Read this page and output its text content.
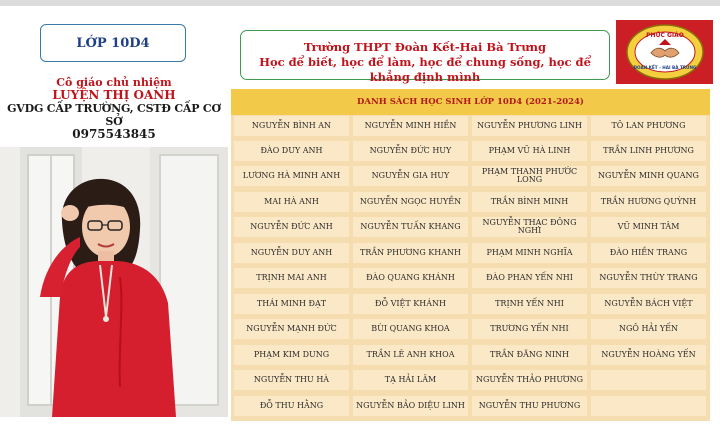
LỚP 10D4
Cô giáo chủ nhiệm
LUYỆN THỊ OANH
GVDG CẤP TRƯỜNG, CSTĐ CẤP CƠ SỞ
0975543845
Trường THPT Đoàn Kết-Hai Bà Trưng
Học để biết, học để làm, học để chung sống, học để khẳng định mình
PHÚC GIÁO
ĐOÀN KẾT - HAI BÀ TRƯNG
DANH SÁCH HỌC SINH LỚP 10D4 (2021-2024)
NGUYỄN BÌNH AN	NGUYỄN MINH HIỀN	NGUYỄN PHƯƠNG LINH	TÔ LAN PHƯƠNG
ĐÀO DUY ANH	NGUYỄN ĐỨC HUY	PHẠM VŨ HÀ LINH	TRẦN LINH PHƯƠNG
LƯƠNG HÀ MINH ANH	NGUYỄN GIA HUY	PHẠM THANH PHƯỚC LONG	NGUYỄN MINH QUANG
MAI HÀ ANH	NGUYỄN NGỌC HUYỀN	TRẦN BÌNH MINH	TRẦN HƯƠNG QUỲNH
NGUYỄN ĐỨC ANH	NGUYỄN TUẤN KHANG	NGUYỄN THẠC ĐÔNG NGHI	VŨ MINH TÂM
NGUYỄN DUY ANH	TRẦN PHƯƠNG KHANH	PHẠM MINH NGHĨA	ĐÀO HIỀN TRANG
TRỊNH MAI ANH	ĐÀO QUANG KHÁNH	ĐÀO PHAN YẾN NHI	NGUYỄN THÙY TRANG
THÁI MINH ĐẠT	ĐỖ VIỆT KHÁNH	TRỊNH YẾN NHI	NGUYỄN BÁCH VIỆT
NGUYỄN MẠNH ĐỨC	BÙI QUANG KHOA	TRƯƠNG YẾN NHI	NGÔ HẢI YẾN
PHẠM KIM DUNG	TRẦN LÊ ANH KHOA	TRẦN ĐĂNG NINH	NGUYỄN HOÀNG YẾN
NGUYỄN THU HÀ	TẠ HẢI LÂM	NGUYỄN THẢO PHƯƠNG
ĐỖ THU HẰNG	NGUYỄN BẢO DIỆU LINH	NGUYỄN THU PHƯƠNG
